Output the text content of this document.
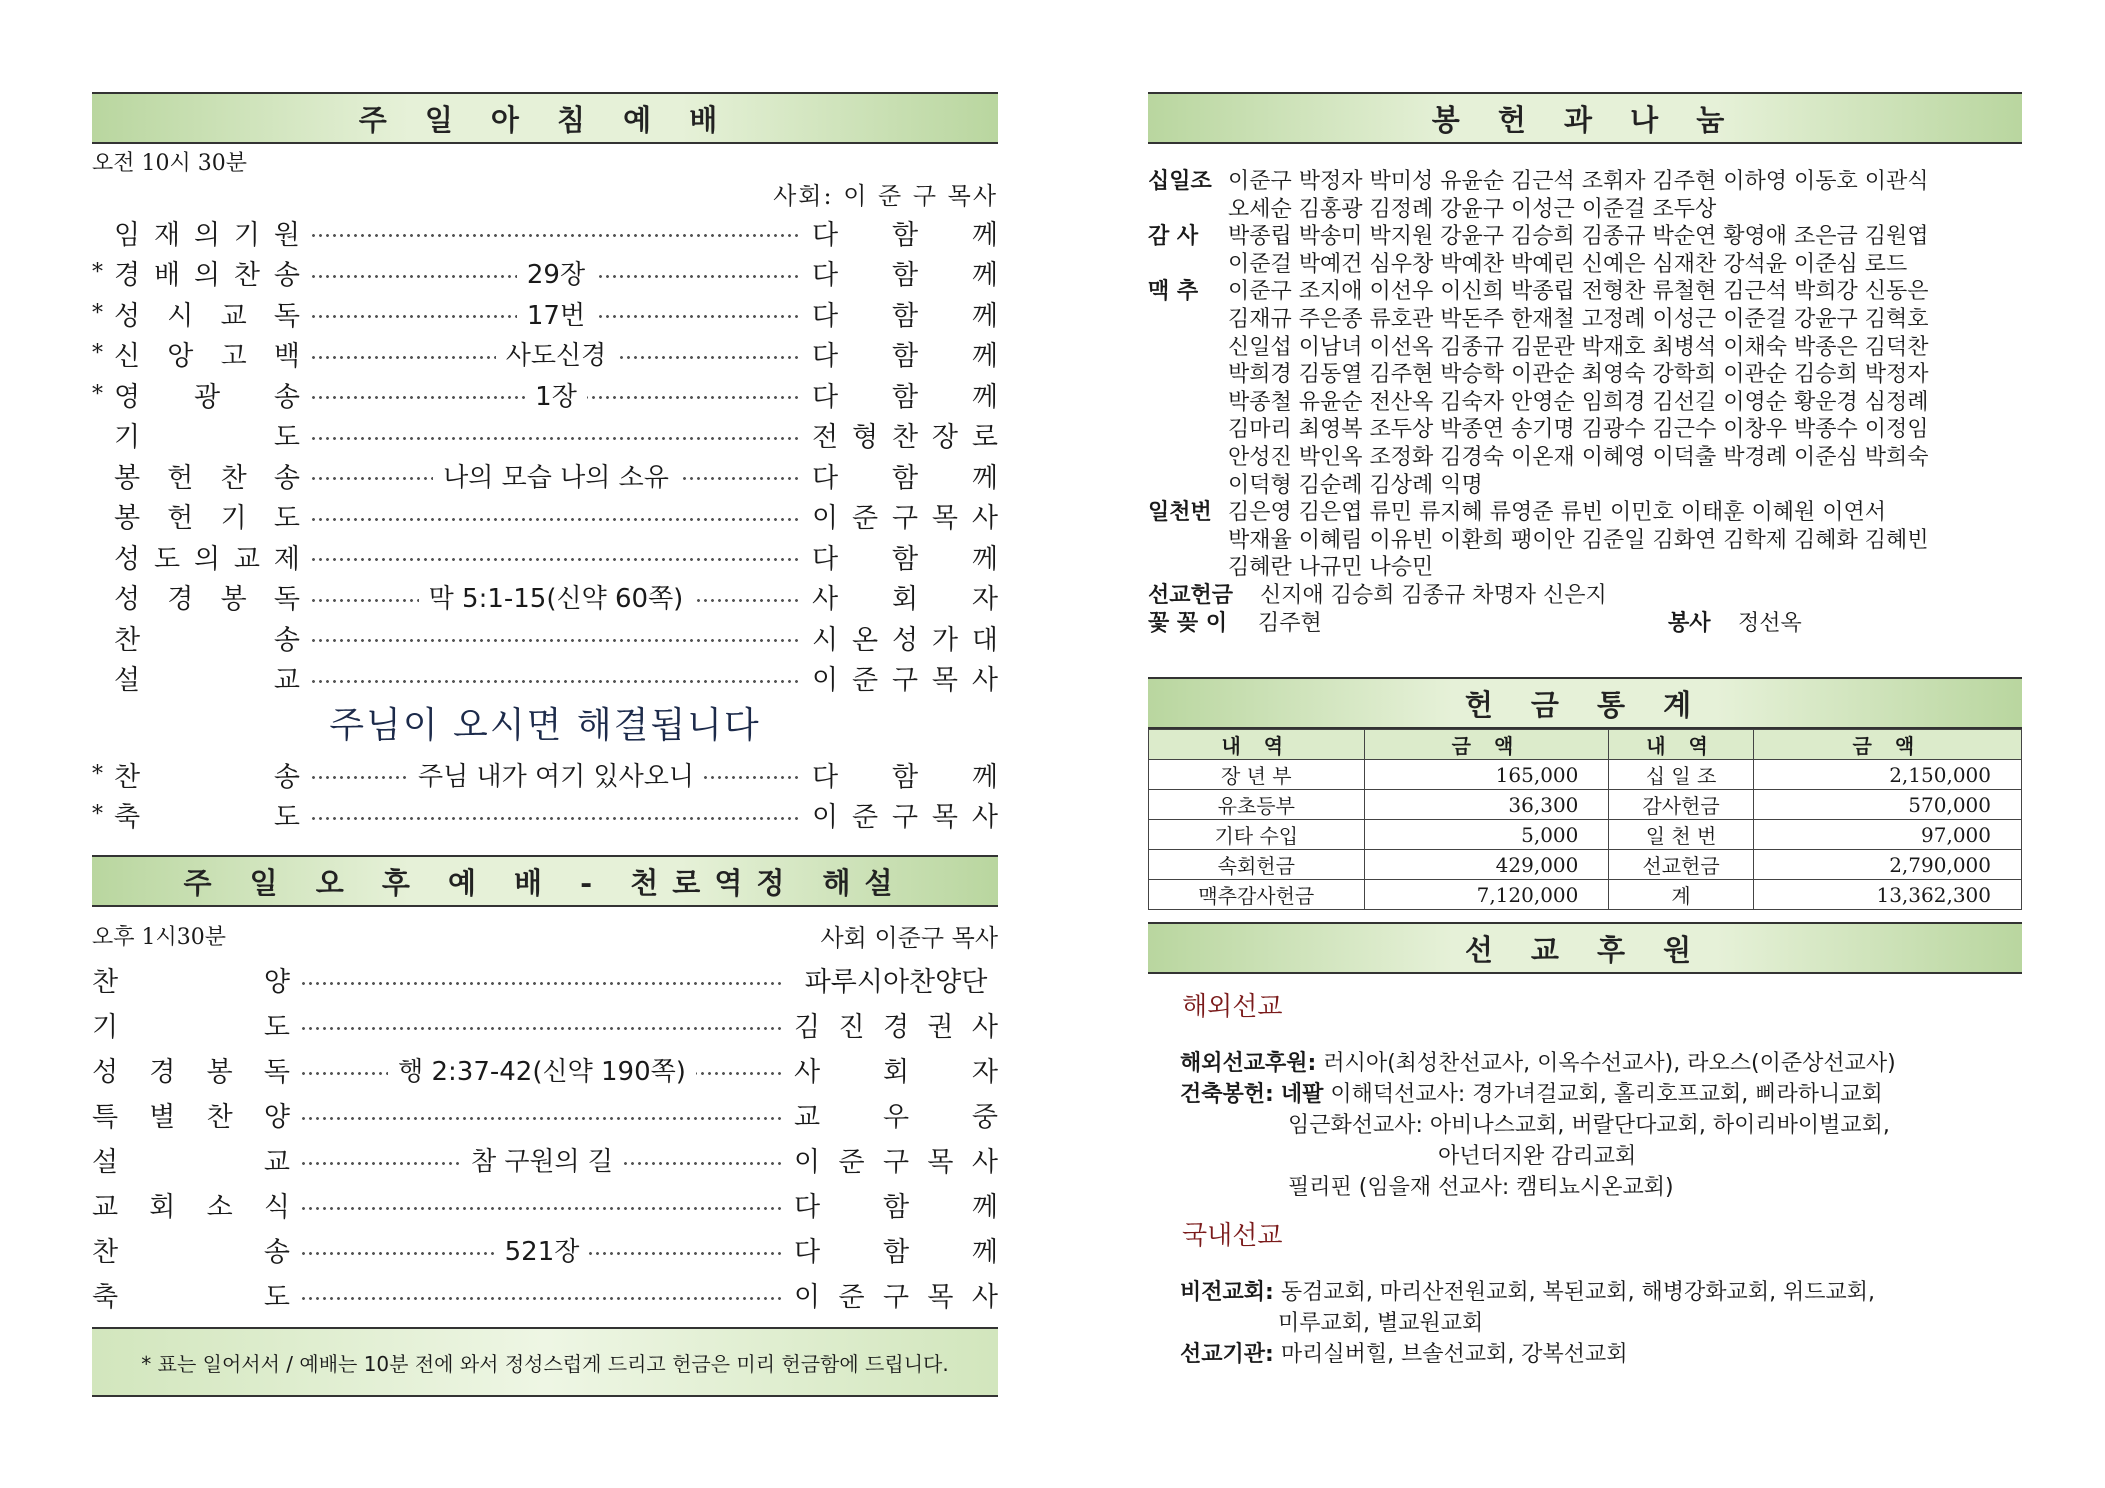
주 일 아 침 예 배
오전 10시 30분
사회: 이 준 구 목사
임 재 의 기 원	다 함 께
* 경 배 의 찬 송	29장	다 함 께
* 성 시 교 독	17번	다 함 께
* 신 앙 고 백	사도신경	다 함 께
* 영 광 송	1장	다 함 께
기	도	전 형 찬 장 로
봉 헌 찬 송	나의 모습 나의 소유	다 함 께
봉 헌 기 도	이 준 구 목 사
성 도 의 교 제	다 함 께
성 경 봉 독	막 5:1-15(신약 60쪽)	사 회 자
찬	송	시 온 성 가 대
설	교	이 준 구 목 사
주님이 오시면 해결됩니다
* 찬	송	주님 내가 여기 있사오니	다 함 께
* 축	도	이 준 구 목 사
주 일 오 후 예 배 - 천로역정 해설
오후 1시30분	사회 이준구 목사
찬	양	파루시아찬양단
기	도	김 진 경 권 사
성 경 봉 독	행 2:37-42(신약 190쪽)	사 회 자
특 별 찬 양	교 우 중
설	교	참 구원의 길	이 준 구 목 사
교 회 소 식	다 함 께
찬	송	521장	다 함 께
축	도	이 준 구 목 사
* 표는 일어서서 / 예배는 10분 전에 와서 정성스럽게 드리고 헌금은 미리 헌금함에 드립니다.
봉 헌 과 나 눔
십일조 이준구 박정자 박미성 유윤순 김근석 조휘자 김주현 이하영 이동호 이관식
오세순 김홍광 김정례 강윤구 이성근 이준걸 조두상
감 사	박종립 박송미 박지원 강윤구 김승희 김종규 박순연 황영애 조은금 김원엽
이준걸 박예건 심우창 박예찬 박예린 신예은 심재찬 강석윤 이준심 로드
맥 추	이준구 조지애 이선우 이신희 박종립 전형찬 류철현 김근석 박희강 신동은
김재규 주은종 류호관 박돈주 한재철 고정례 이성근 이준걸 강윤구 김혁호
신일섭 이남녀 이선옥 김종규 김문관 박재호 최병석 이채숙 박종은 김덕찬
박희경 김동열 김주현 박승학 이관순 최영숙 강학희 이관순 김승희 박정자
박종철 유윤순 전산옥 김숙자 안영순 임희경 김선길 이영순 황운경 심정례
김마리 최영복 조두상 박종연 송기명 김광수 김근수 이창우 박종수 이정임
안성진 박인옥 조정화 김경숙 이온재 이혜영 이덕출 박경례 이준심 박희숙
이덕형 김순례 김상례 익명
일천번 김은영 김은엽 류민 류지혜 류영준 류빈 이민호 이태훈 이혜원 이연서
박재율 이혜림 이유빈 이환희 팽이안 김준일 김화연 김학제 김혜화 김혜빈
김혜란 나규민 나승민
선교헌금	신지애 김승희 김종규 차명자 신은지
꽃 꽂 이	김주현	봉사	정선옥
헌 금 통 계
내 역	금 액	내 역	금 액
장 년 부	165,000	십 일 조	2,150,000
유초등부	36,300	감사헌금	570,000
기타 수입	5,000	일 천 번	97,000
속회헌금	429,000	선교헌금	2,790,000
맥추감사헌금	7,120,000	계	13,362,300
선 교 후 원
해외선교
해외선교후원: 러시아(최성찬선교사, 이옥수선교사), 라오스(이준상선교사)
건축봉헌: 네팔 이해덕선교사: 경가녀걸교회, 홀리호프교회, 삐라하니교회
임근화선교사: 아비나스교회, 버랄단다교회, 하이리바이벌교회,
아넌더지완 감리교회
필리핀 (임을재 선교사: 캠티뇨시온교회)
국내선교
비전교회: 동검교회, 마리산전원교회, 복된교회, 해병강화교회, 위드교회,
미루교회, 별교원교회
선교기관: 마리실버힐, 브솔선교회, 강복선교회
